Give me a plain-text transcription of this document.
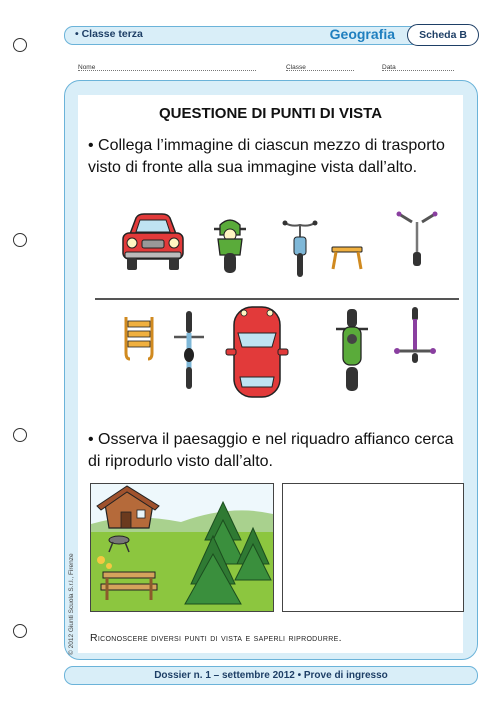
• Classe terza	Geografia	Scheda B
Nome	Classe	Data
QUESTIONE DI PUNTI DI VISTA
• Collega l’immagine di ciascun mezzo di trasporto visto di fronte alla sua immagine vista dall’alto.
• Osserva il paesaggio e nel riquadro affianco cerca di riprodurlo visto dall’alto.
Riconoscere diversi punti di vista e saperli riprodurre.
© 2012 Giunti Scuola S.r.l., Firenze
Dossier n. 1 – settembre 2012 • Prove di ingresso
